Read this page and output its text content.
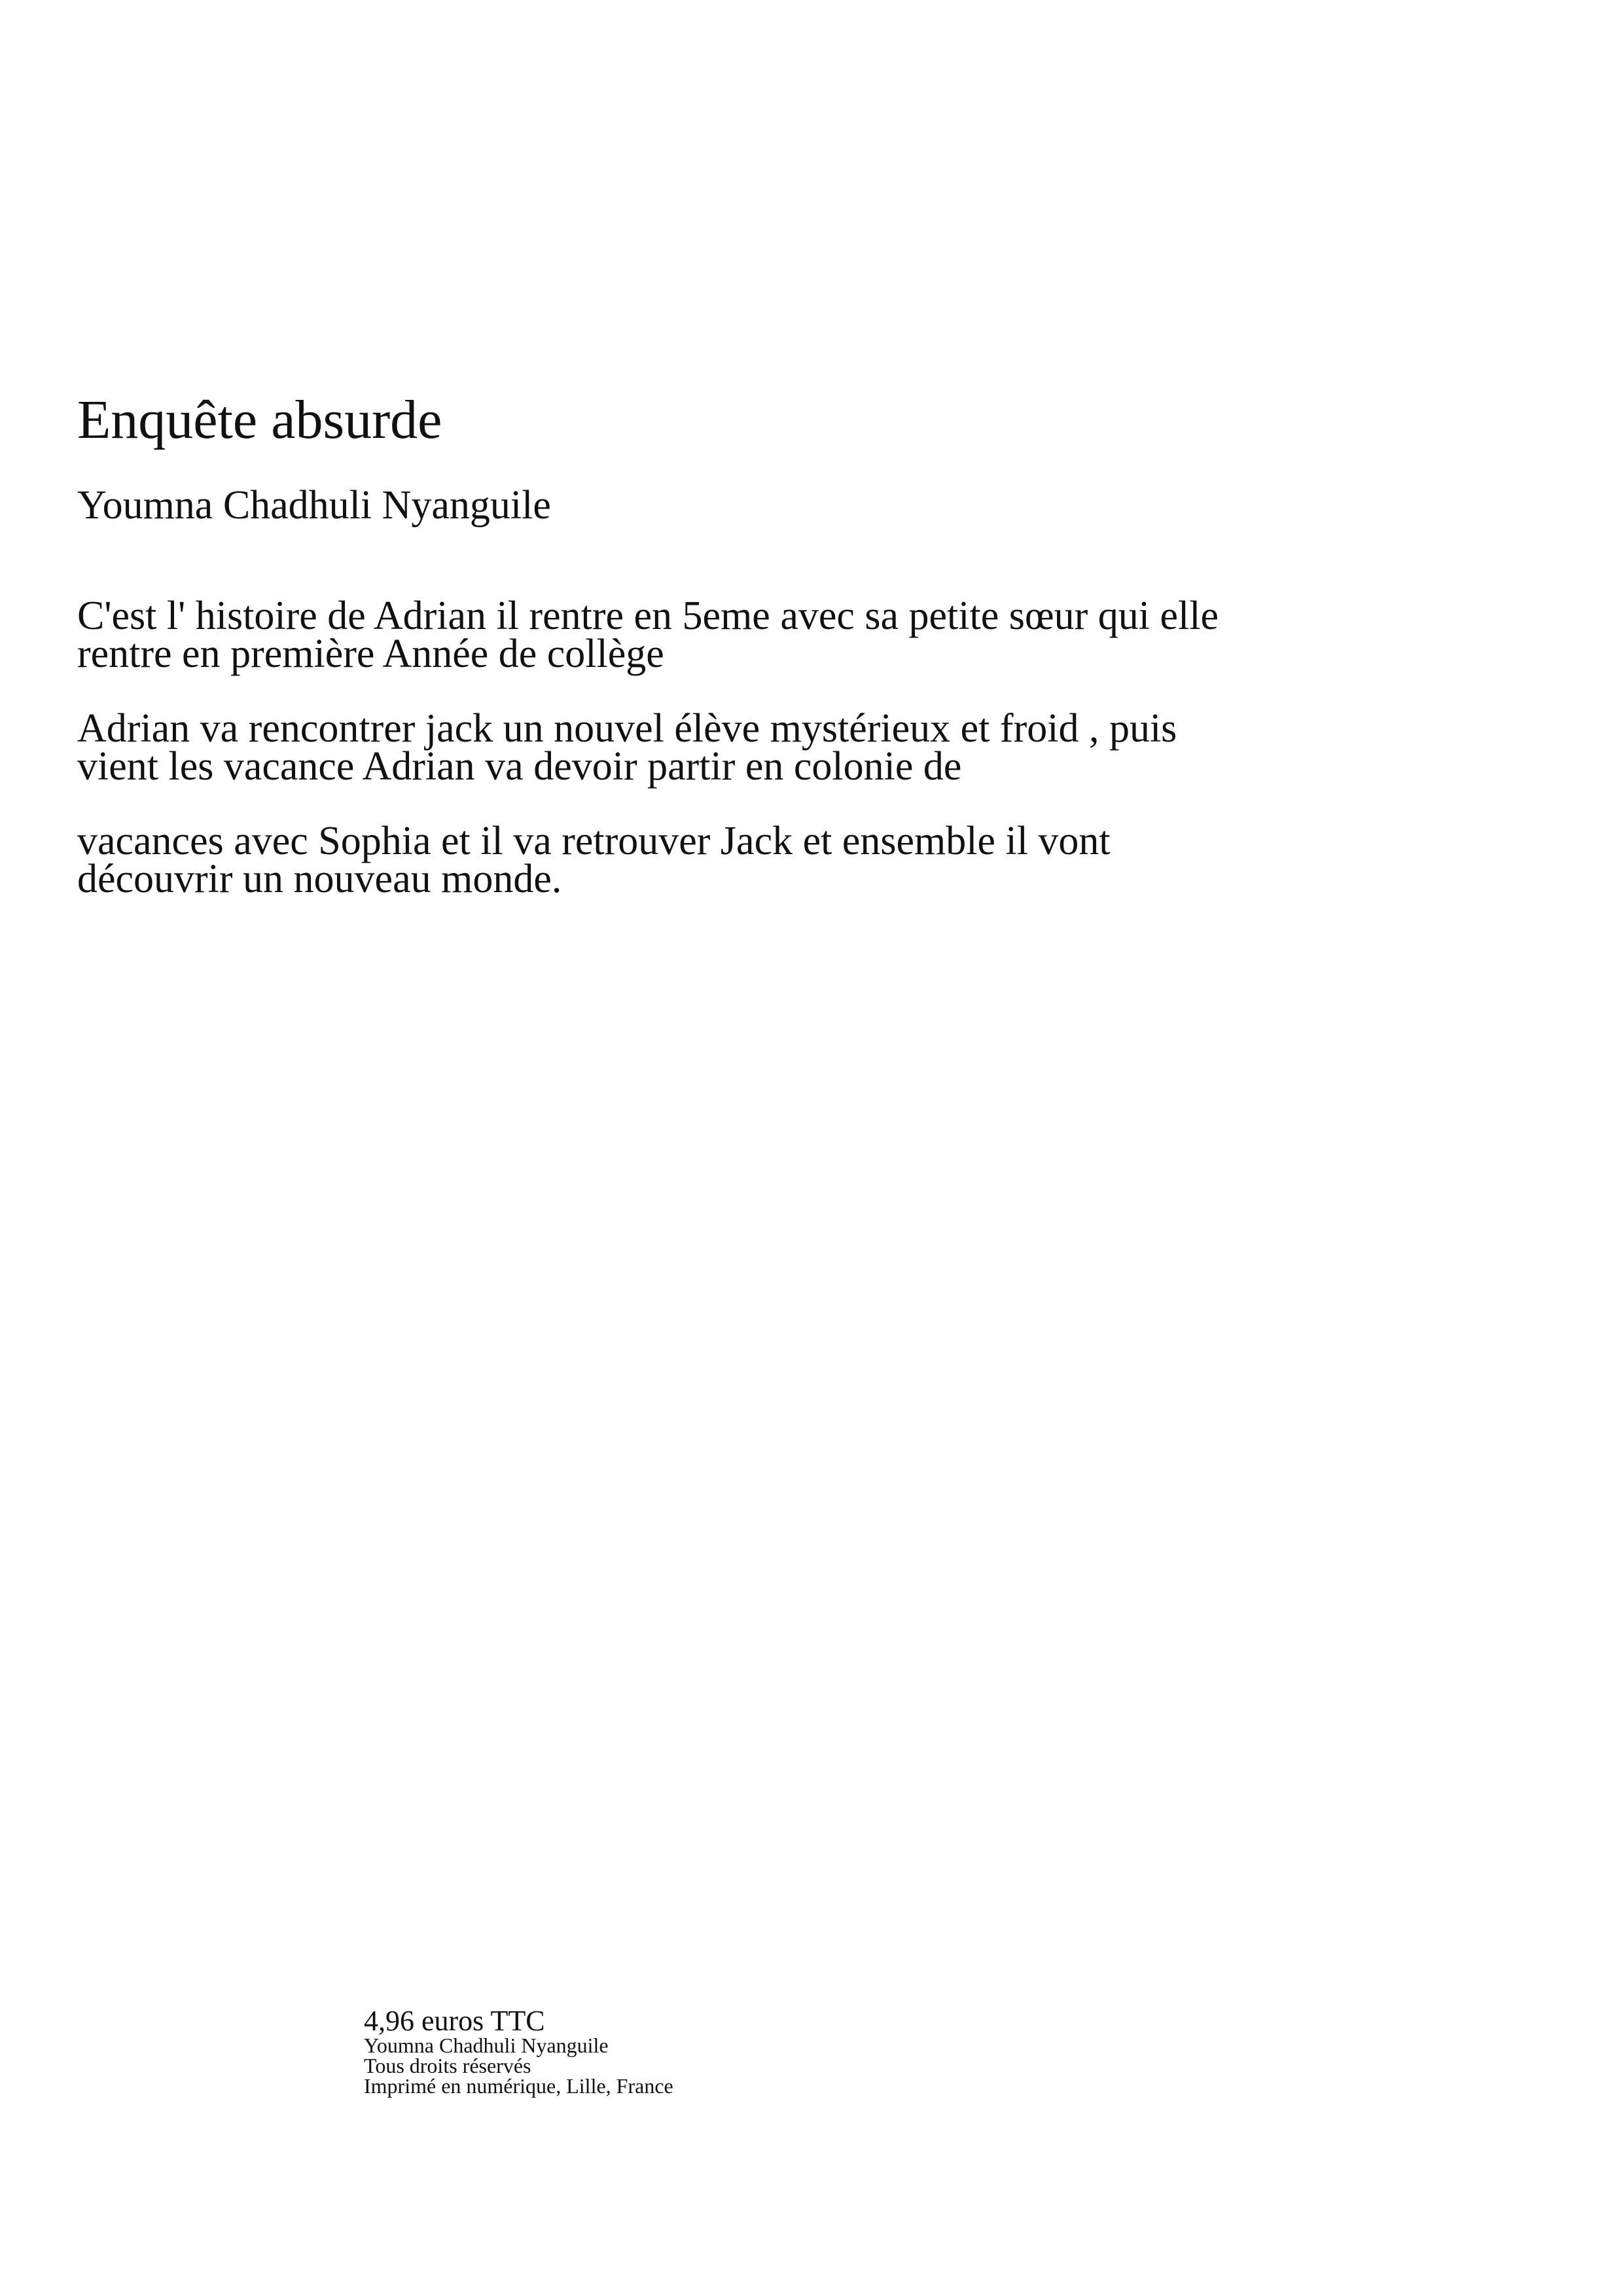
Enquête absurde
Youmna Chadhuli Nyanguile

C'est l' histoire de Adrian il rentre en 5eme avec sa petite sœur qui elle rentre en première Année de collège

Adrian va rencontrer jack un nouvel élève mystérieux et froid , puis vient les vacance Adrian va devoir partir en colonie de

vacances avec Sophia et il va retrouver Jack et ensemble il vont découvrir un nouveau monde.

4,96 euros TTC

Youmna Chadhuli Nyanguile

Tous droits réservés

Imprimé en numérique, Lille, France
